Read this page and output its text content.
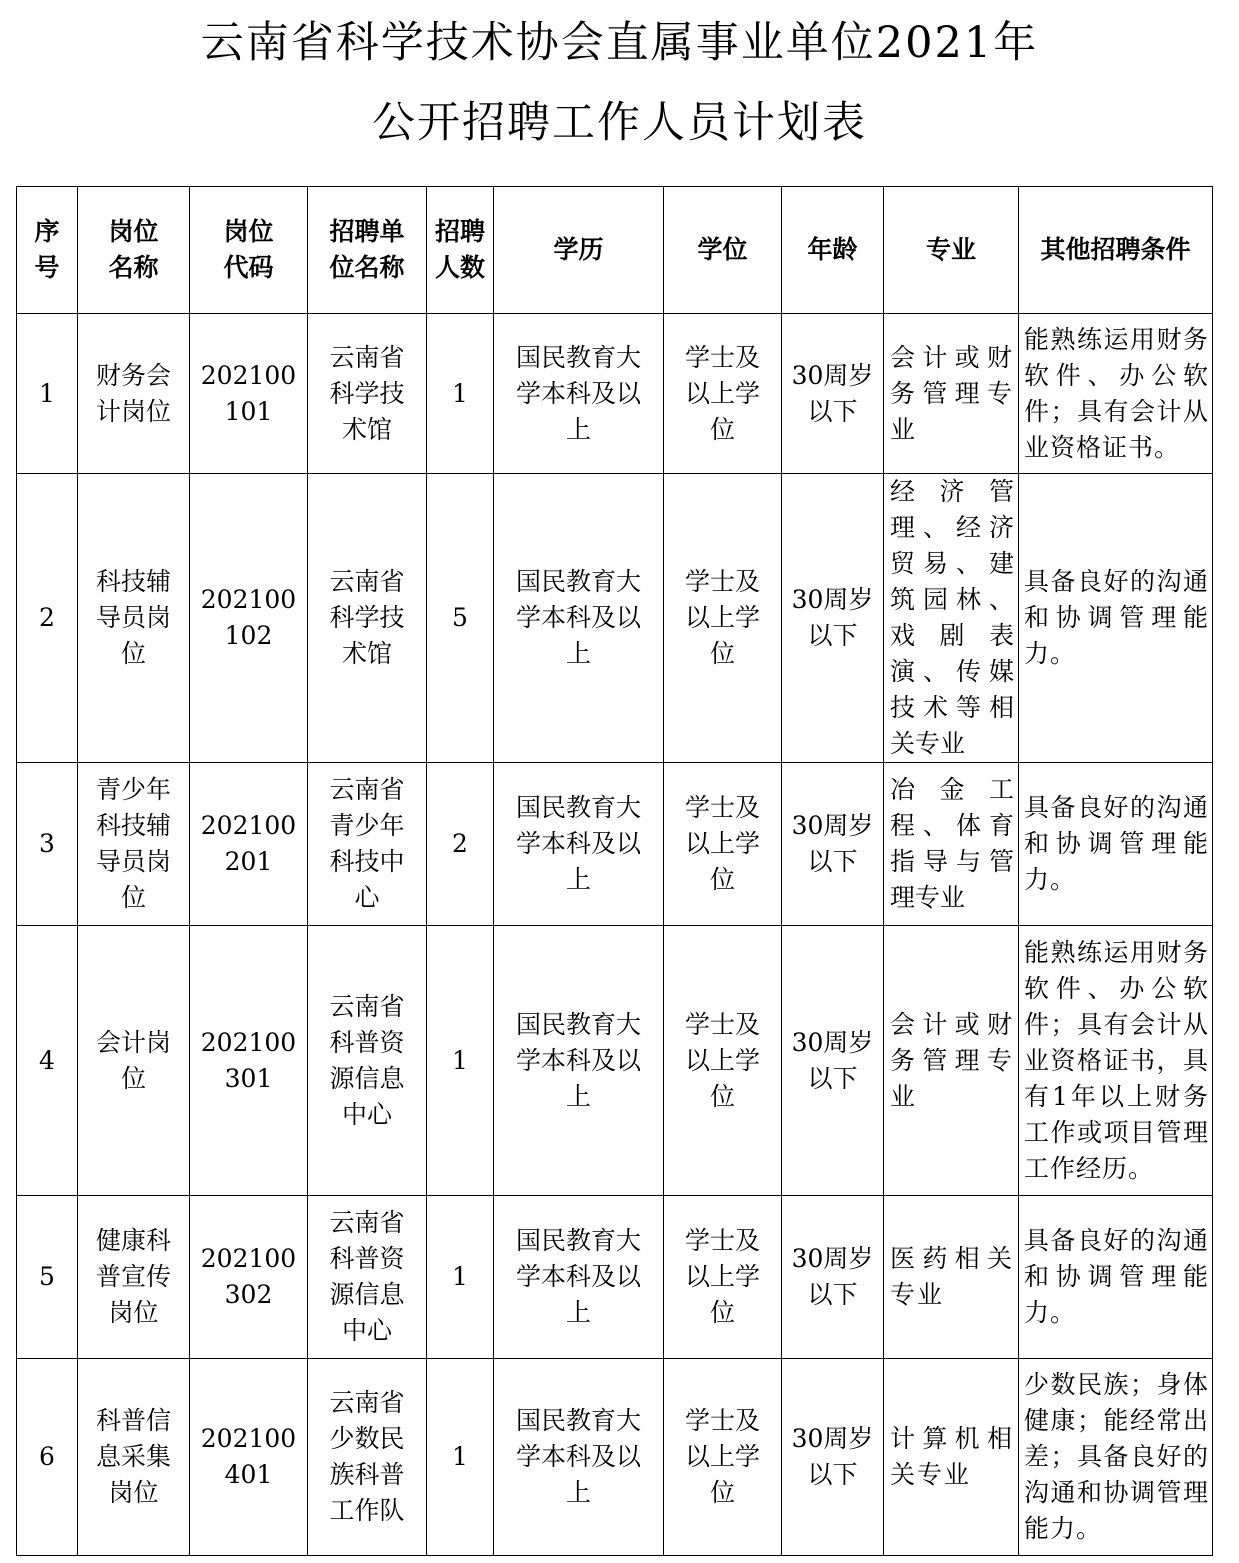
云南省科学技术协会直属事业单位2021年
公开招聘工作人员计划表
序号	岗位名称	岗位代码	招聘单位名称	招聘人数	学历	学位	年龄	专业	其他招聘条件
1	财务会计岗位	202100101	云南省科学技术馆	1	国民教育大学本科及以上	学士及以上学位	30周岁以下	会计或财务管理专业	能熟练运用财务软件、办公软件；具有会计从业资格证书。
2	科技辅导员岗位	202100102	云南省科学技术馆	5	国民教育大学本科及以上	学士及以上学位	30周岁以下	经济管理、经济贸易、建筑园林、戏剧表演、传媒技术等相关专业	具备良好的沟通和协调管理能力。
3	青少年科技辅导员岗位	202100201	云南省青少年科技中心	2	国民教育大学本科及以上	学士及以上学位	30周岁以下	冶金工程、体育指导与管理专业	具备良好的沟通和协调管理能力。
4	会计岗位	202100301	云南省科普资源信息中心	1	国民教育大学本科及以上	学士及以上学位	30周岁以下	会计或财务管理专业	能熟练运用财务软件、办公软件；具有会计从业资格证书，具有1年以上财务工作或项目管理工作经历。
5	健康科普宣传岗位	202100302	云南省科普资源信息中心	1	国民教育大学本科及以上	学士及以上学位	30周岁以下	医药相关专业	具备良好的沟通和协调管理能力。
6	科普信息采集岗位	202100401	云南省少数民族科普工作队	1	国民教育大学本科及以上	学士及以上学位	30周岁以下	计算机相关专业	少数民族；身体健康；能经常出差；具备良好的沟通和协调管理能力。
